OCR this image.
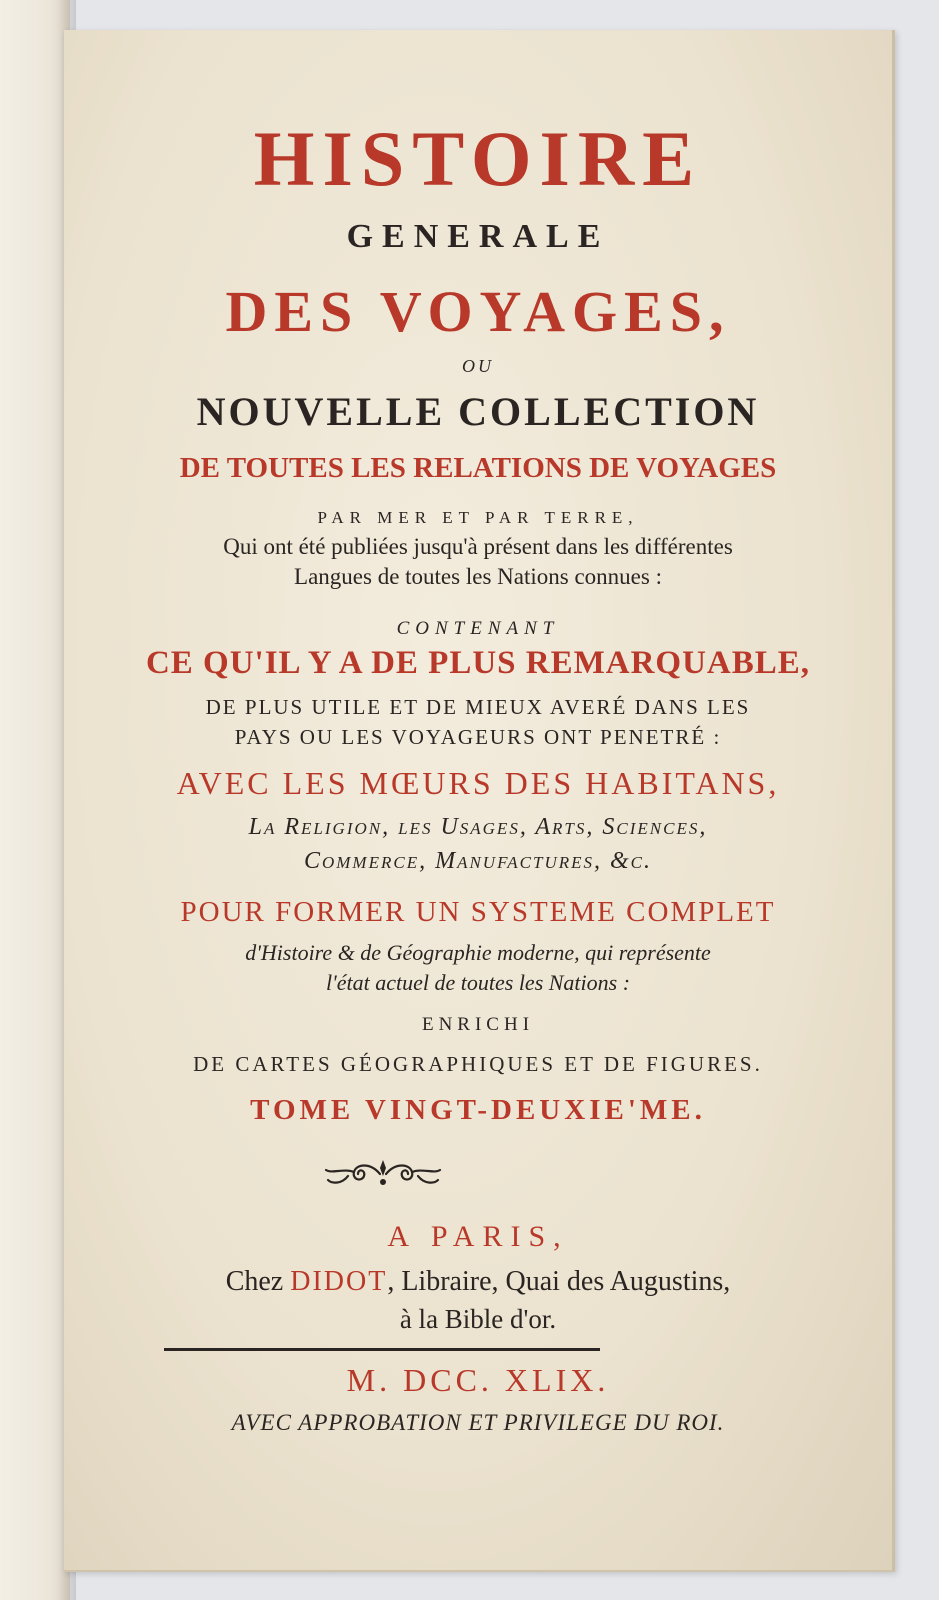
HISTOIRE
GENERALE
DES VOYAGES,
OU
NOUVELLE COLLECTION
DE TOUTES LES RELATIONS DE VOYAGES
PAR MER ET PAR TERRE,
Qui ont été publiées jusqu'à présent dans les différentes
Langues de toutes les Nations connues :
CONTENANT
CE QU'IL Y A DE PLUS REMARQUABLE,
DE PLUS UTILE ET DE MIEUX AVERÉ DANS LES
PAYS OU LES VOYAGEURS ONT PENETRÉ :
AVEC LES MŒURS DES HABITANS,
La Religion, les Usages, Arts, Sciences,
Commerce, Manufactures, &c.
POUR FORMER UN SYSTEME COMPLET
d'Histoire & de Géographie moderne, qui représente
l'état actuel de toutes les Nations :
ENRICHI
DE CARTES GÉOGRAPHIQUES ET DE FIGURES.
TOME VINGT-DEUXIE'ME.
A PARIS,
Chez DIDOT, Libraire, Quai des Augustins,
à la Bible d'or.
M. DCC. XLIX.
AVEC APPROBATION ET PRIVILEGE DU ROI.
